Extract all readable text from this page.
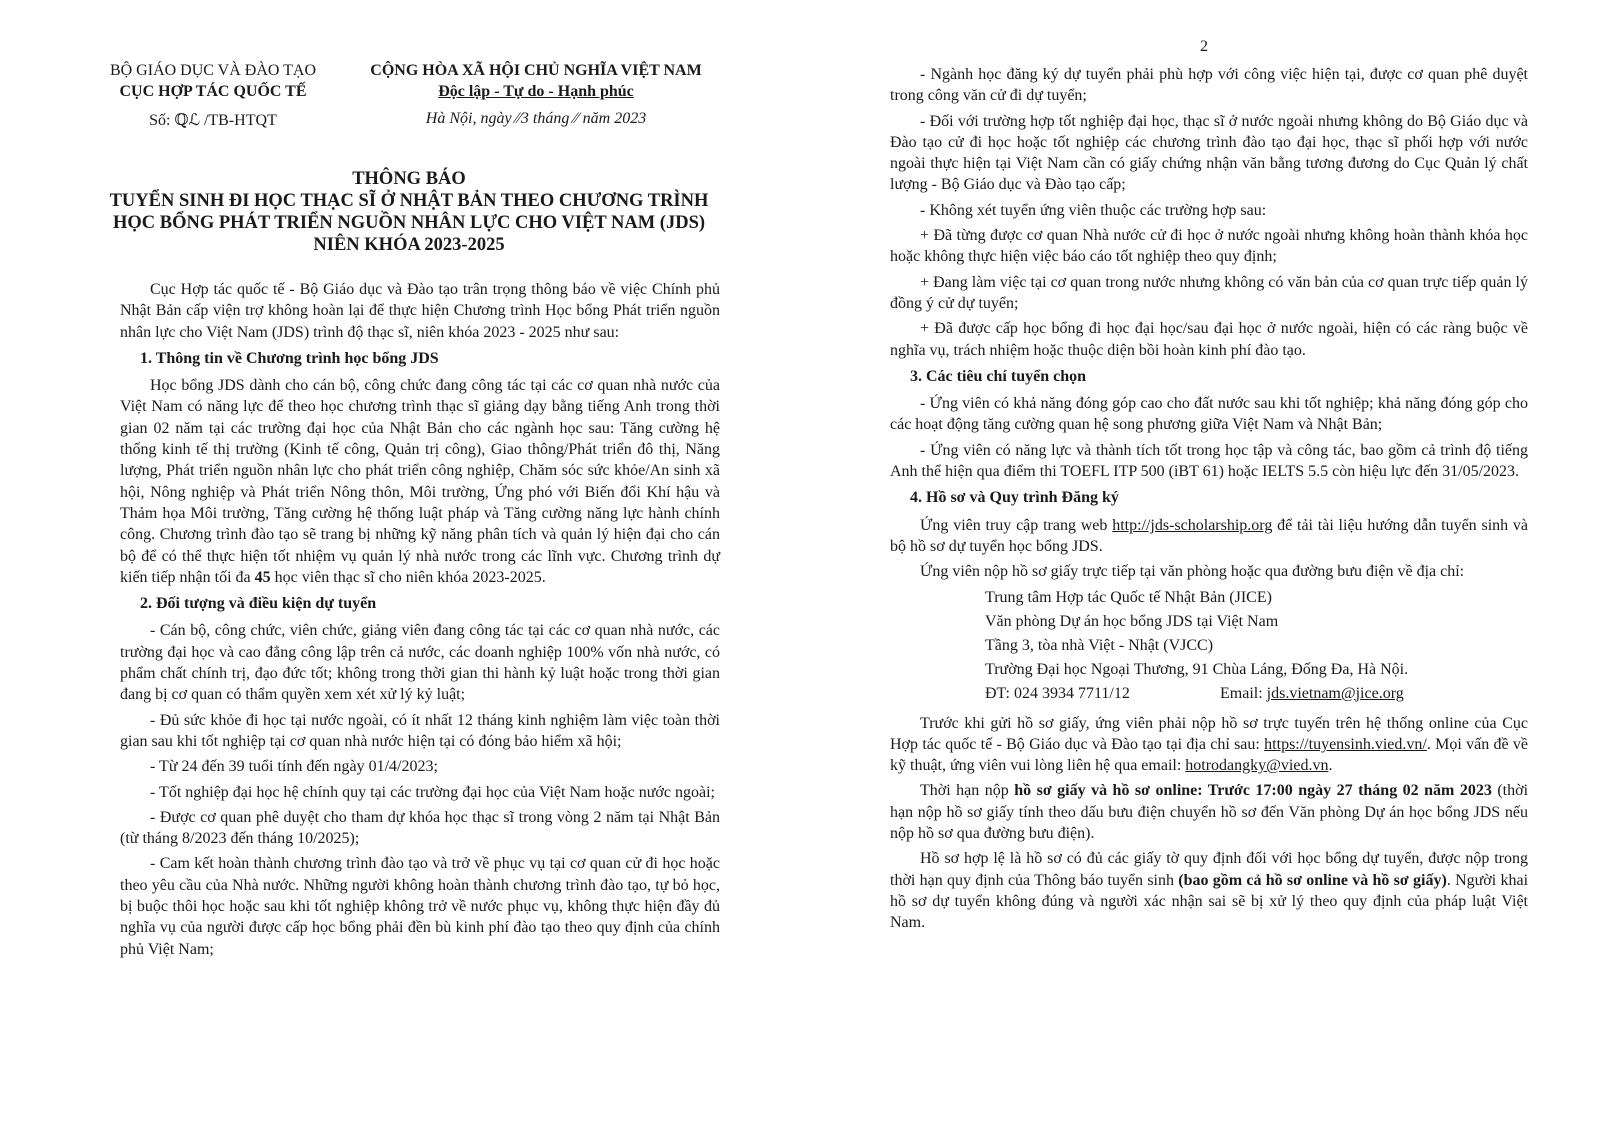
BỘ GIÁO DỤC VÀ ĐÀO TẠO
CỤC HỢP TÁC QUỐC TẾ
CỘNG HÒA XÃ HỘI CHỦ NGHĨA VIỆT NAM
Độc lập - Tự do - Hạnh phúc
Số: ℚℒ /TB-HTQT	Hà Nội, ngày ∕∕3 tháng ∕∕ năm 2023
THÔNG BÁO
TUYỂN SINH ĐI HỌC THẠC SĨ Ở NHẬT BẢN THEO CHƯƠNG TRÌNH
HỌC BỔNG PHÁT TRIỂN NGUỒN NHÂN LỰC CHO VIỆT NAM (JDS)
NIÊN KHÓA 2023-2025

Cục Hợp tác quốc tế - Bộ Giáo dục và Đào tạo trân trọng thông báo về việc Chính phủ Nhật Bản cấp viện trợ không hoàn lại để thực hiện Chương trình Học bổng Phát triển nguồn nhân lực cho Việt Nam (JDS) trình độ thạc sĩ, niên khóa 2023 - 2025 như sau:

1. Thông tin về Chương trình học bổng JDS

Học bổng JDS dành cho cán bộ, công chức đang công tác tại các cơ quan nhà nước của Việt Nam có năng lực để theo học chương trình thạc sĩ giảng dạy bằng tiếng Anh trong thời gian 02 năm tại các trường đại học của Nhật Bản cho các ngành học sau: Tăng cường hệ thống kinh tế thị trường (Kinh tế công, Quản trị công), Giao thông/Phát triển đô thị, Năng lượng, Phát triển nguồn nhân lực cho phát triển công nghiệp, Chăm sóc sức khỏe/An sinh xã hội, Nông nghiệp và Phát triển Nông thôn, Môi trường, Ứng phó với Biến đổi Khí hậu và Thảm họa Môi trường, Tăng cường hệ thống luật pháp và Tăng cường năng lực hành chính công. Chương trình đào tạo sẽ trang bị những kỹ năng phân tích và quản lý hiện đại cho cán bộ để có thể thực hiện tốt nhiệm vụ quản lý nhà nước trong các lĩnh vực. Chương trình dự kiến tiếp nhận tối đa 45 học viên thạc sĩ cho niên khóa 2023-2025.

2. Đối tượng và điều kiện dự tuyển

- Cán bộ, công chức, viên chức, giảng viên đang công tác tại các cơ quan nhà nước, các trường đại học và cao đẳng công lập trên cả nước, các doanh nghiệp 100% vốn nhà nước, có phẩm chất chính trị, đạo đức tốt; không trong thời gian thi hành kỷ luật hoặc trong thời gian đang bị cơ quan có thẩm quyền xem xét xử lý kỷ luật;

- Đủ sức khỏe đi học tại nước ngoài, có ít nhất 12 tháng kinh nghiệm làm việc toàn thời gian sau khi tốt nghiệp tại cơ quan nhà nước hiện tại có đóng bảo hiểm xã hội;

- Từ 24 đến 39 tuổi tính đến ngày 01/4/2023;

- Tốt nghiệp đại học hệ chính quy tại các trường đại học của Việt Nam hoặc nước ngoài;

- Được cơ quan phê duyệt cho tham dự khóa học thạc sĩ trong vòng 2 năm tại Nhật Bản (từ tháng 8/2023 đến tháng 10/2025);

- Cam kết hoàn thành chương trình đào tạo và trở về phục vụ tại cơ quan cử đi học hoặc theo yêu cầu của Nhà nước. Những người không hoàn thành chương trình đào tạo, tự bỏ học, bị buộc thôi học hoặc sau khi tốt nghiệp không trở về nước phục vụ, không thực hiện đầy đủ nghĩa vụ của người được cấp học bổng phải đền bù kinh phí đào tạo theo quy định của chính phủ Việt Nam;

2

- Ngành học đăng ký dự tuyển phải phù hợp với công việc hiện tại, được cơ quan phê duyệt trong công văn cử đi dự tuyển;

- Đối với trường hợp tốt nghiệp đại học, thạc sĩ ở nước ngoài nhưng không do Bộ Giáo dục và Đào tạo cử đi học hoặc tốt nghiệp các chương trình đào tạo đại học, thạc sĩ phối hợp với nước ngoài thực hiện tại Việt Nam cần có giấy chứng nhận văn bằng tương đương do Cục Quản lý chất lượng - Bộ Giáo dục và Đào tạo cấp;

- Không xét tuyển ứng viên thuộc các trường hợp sau:

+ Đã từng được cơ quan Nhà nước cử đi học ở nước ngoài nhưng không hoàn thành khóa học hoặc không thực hiện việc báo cáo tốt nghiệp theo quy định;

+ Đang làm việc tại cơ quan trong nước nhưng không có văn bản của cơ quan trực tiếp quản lý đồng ý cử dự tuyển;

+ Đã được cấp học bổng đi học đại học/sau đại học ở nước ngoài, hiện có các ràng buộc về nghĩa vụ, trách nhiệm hoặc thuộc diện bồi hoàn kinh phí đào tạo.

3. Các tiêu chí tuyển chọn

- Ứng viên có khả năng đóng góp cao cho đất nước sau khi tốt nghiệp; khả năng đóng góp cho các hoạt động tăng cường quan hệ song phương giữa Việt Nam và Nhật Bản;

- Ứng viên có năng lực và thành tích tốt trong học tập và công tác, bao gồm cả trình độ tiếng Anh thể hiện qua điểm thi TOEFL ITP 500 (iBT 61) hoặc IELTS 5.5 còn hiệu lực đến 31/05/2023.

4. Hồ sơ và Quy trình Đăng ký

Ứng viên truy cập trang web http://jds-scholarship.org để tải tài liệu hướng dẫn tuyển sinh và bộ hồ sơ dự tuyển học bổng JDS.

Ứng viên nộp hồ sơ giấy trực tiếp tại văn phòng hoặc qua đường bưu điện về địa chỉ:

Trung tâm Hợp tác Quốc tế Nhật Bản (JICE)

Văn phòng Dự án học bổng JDS tại Việt Nam

Tầng 3, tòa nhà Việt - Nhật (VJCC)

Trường Đại học Ngoại Thương, 91 Chùa Láng, Đống Đa, Hà Nội.

ĐT: 024 3934 7711/12	Email: jds.vietnam@jice.org

Trước khi gửi hồ sơ giấy, ứng viên phải nộp hồ sơ trực tuyến trên hệ thống online của Cục Hợp tác quốc tế - Bộ Giáo dục và Đào tạo tại địa chỉ sau: https://tuyensinh.vied.vn/. Mọi vấn đề về kỹ thuật, ứng viên vui lòng liên hệ qua email: hotrodangky@vied.vn.

Thời hạn nộp hồ sơ giấy và hồ sơ online: Trước 17:00 ngày 27 tháng 02 năm 2023 (thời hạn nộp hồ sơ giấy tính theo dấu bưu điện chuyển hồ sơ đến Văn phòng Dự án học bổng JDS nếu nộp hồ sơ qua đường bưu điện).

Hồ sơ hợp lệ là hồ sơ có đủ các giấy tờ quy định đối với học bổng dự tuyển, được nộp trong thời hạn quy định của Thông báo tuyển sinh (bao gồm cả hồ sơ online và hồ sơ giấy). Người khai hồ sơ dự tuyển không đúng và người xác nhận sai sẽ bị xử lý theo quy định của pháp luật Việt Nam.
